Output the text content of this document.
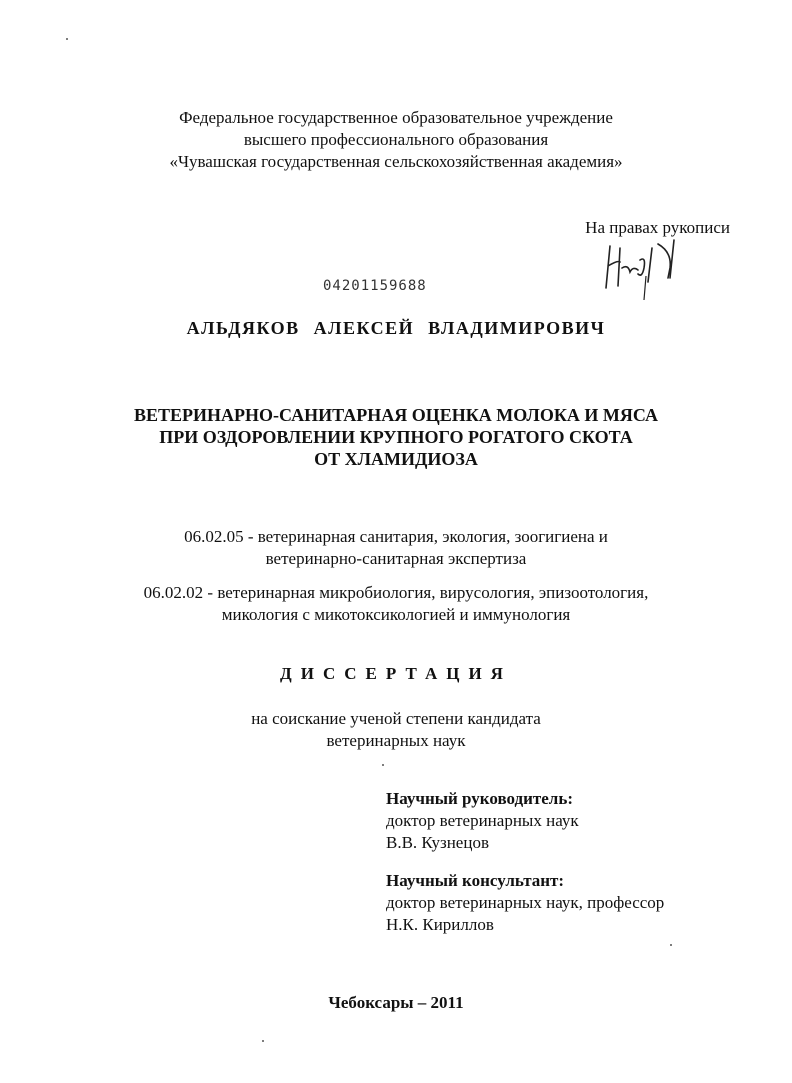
Федеральное государственное образовательное учреждение
высшего профессионального образования
«Чувашская государственная сельскохозяйственная академия»
На правах рукописи
04201159688
АЛЬДЯКОВ АЛЕКСЕЙ ВЛАДИМИРОВИЧ
ВЕТЕРИНАРНО-САНИТАРНАЯ ОЦЕНКА МОЛОКА И МЯСА
ПРИ ОЗДОРОВЛЕНИИ КРУПНОГО РОГАТОГО СКОТА
ОТ ХЛАМИДИОЗА
06.02.05 - ветеринарная санитария, экология, зоогигиена и
ветеринарно-санитарная экспертиза
06.02.02 - ветеринарная микробиология, вирусология, эпизоотология,
микология с микотоксикологией и иммунология
ДИССЕРТАЦИЯ
на соискание ученой степени кандидата
ветеринарных наук
Научный руководитель:
доктор ветеринарных наук
В.В. Кузнецов
Научный консультант:
доктор ветеринарных наук, профессор
Н.К. Кириллов
Чебоксары – 2011
